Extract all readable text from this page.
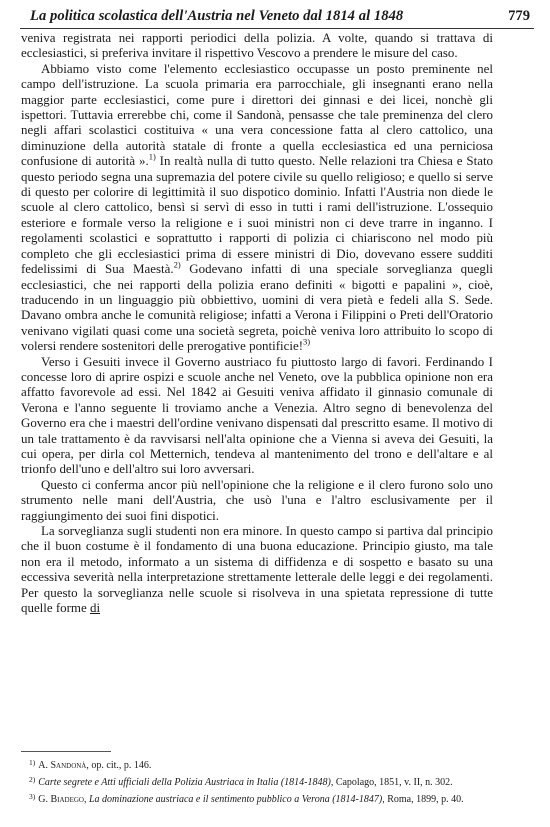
La politica scolastica dell'Austria nel Veneto dal 1814 al 1848	779

veniva registrata nei rapporti periodici della polizia. A volte, quando si trattava di ecclesiastici, si preferiva invitare il rispettivo Vescovo a prendere le misure del caso.

Abbiamo visto come l'elemento ecclesiastico occupasse un posto preminente nel campo dell'istruzione. La scuola primaria era parrocchiale, gli insegnanti erano nella maggior parte ecclesiastici, come pure i direttori dei ginnasi e dei licei, nonchè gli ispettori. Tuttavia errerebbe chi, come il Sandonà, pensasse che tale preminenza del clero negli affari scolastici costituiva « una vera concessione fatta al clero cattolico, una diminuzione della autorità statale di fronte a quella ecclesiastica ed una perniciosa confusione di autorità ».$^{1)}$ In realtà nulla di tutto questo. Nelle relazioni tra Chiesa e Stato questo periodo segna una supremazia del potere civile su quello religioso; e quello si serve di questo per colorire di legittimità il suo dispotico dominio. Infatti l'Austria non diede le scuole al clero cattolico, bensì si servì di esso in tutti i rami dell'istruzione. L'ossequio esteriore e formale verso la religione e i suoi ministri non ci deve trarre in inganno. I regolamenti scolastici e soprattutto i rapporti di polizia ci chiariscono nel modo più completo che gli ecclesiastici prima di essere ministri di Dio, dovevano essere sudditi fedelissimi di Sua Maestà.$^{2)}$ Godevano infatti di una speciale sorveglianza quegli ecclesiastici, che nei rapporti della polizia erano definiti « bigotti e papalini », cioè, traducendo in un linguaggio più obbiettivo, uomini di vera pietà e fedeli alla S. Sede. Davano ombra anche le comunità religiose; infatti a Verona i Filippini o Preti dell'Oratorio venivano vigilati quasi come una società segreta, poichè veniva loro attribuito lo scopo di volersi rendere sostenitori delle prerogative pontificie!$^{3)}$

Verso i Gesuiti invece il Governo austriaco fu piuttosto largo di favori. Ferdinando I concesse loro di aprire ospizi e scuole anche nel Veneto, ove la pubblica opinione non era affatto favorevole ad essi. Nel 1842 ai Gesuiti veniva affidato il ginnasio comunale di Verona e l'anno seguente li troviamo anche a Venezia. Altro segno di benevolenza del Governo era che i maestri dell'ordine venivano dispensati dal prescritto esame. Il motivo di un tale trattamento è da ravvisarsi nell'alta opinione che a Vienna si aveva dei Gesuiti, la cui opera, per dirla col Metternich, tendeva al mantenimento del trono e dell'altare e al trionfo dell'uno e dell'altro sui loro avversari.

Questo ci conferma ancor più nell'opinione che la religione e il clero furono solo uno strumento nelle mani dell'Austria, che usò l'una e l'altro esclusivamente per il raggiungimento dei suoi fini dispotici.

La sorveglianza sugli studenti non era minore. In questo campo si partiva dal principio che il buon costume è il fondamento di una buona educazione. Principio giusto, ma tale non era il metodo, informato a un sistema di diffidenza e di sospetto e basato su una eccessiva severità nella interpretazione strettamente letterale delle leggi e dei regolamenti. Per questo la sorveglianza nelle scuole si risolveva in una spietata repressione di tutte quelle forme di

$^{1)}$ A. Sandonà, op. cit., p. 146.

$^{2)}$ Carte segrete e Atti ufficiali della Polizia Austriaca in Italia (1814-1848), Capolago, 1851, v. II, n. 302.

$^{3)}$ G. Biadego, La dominazione austriaca e il sentimento pubblico a Verona (1814-1847), Roma, 1899, p. 40.
